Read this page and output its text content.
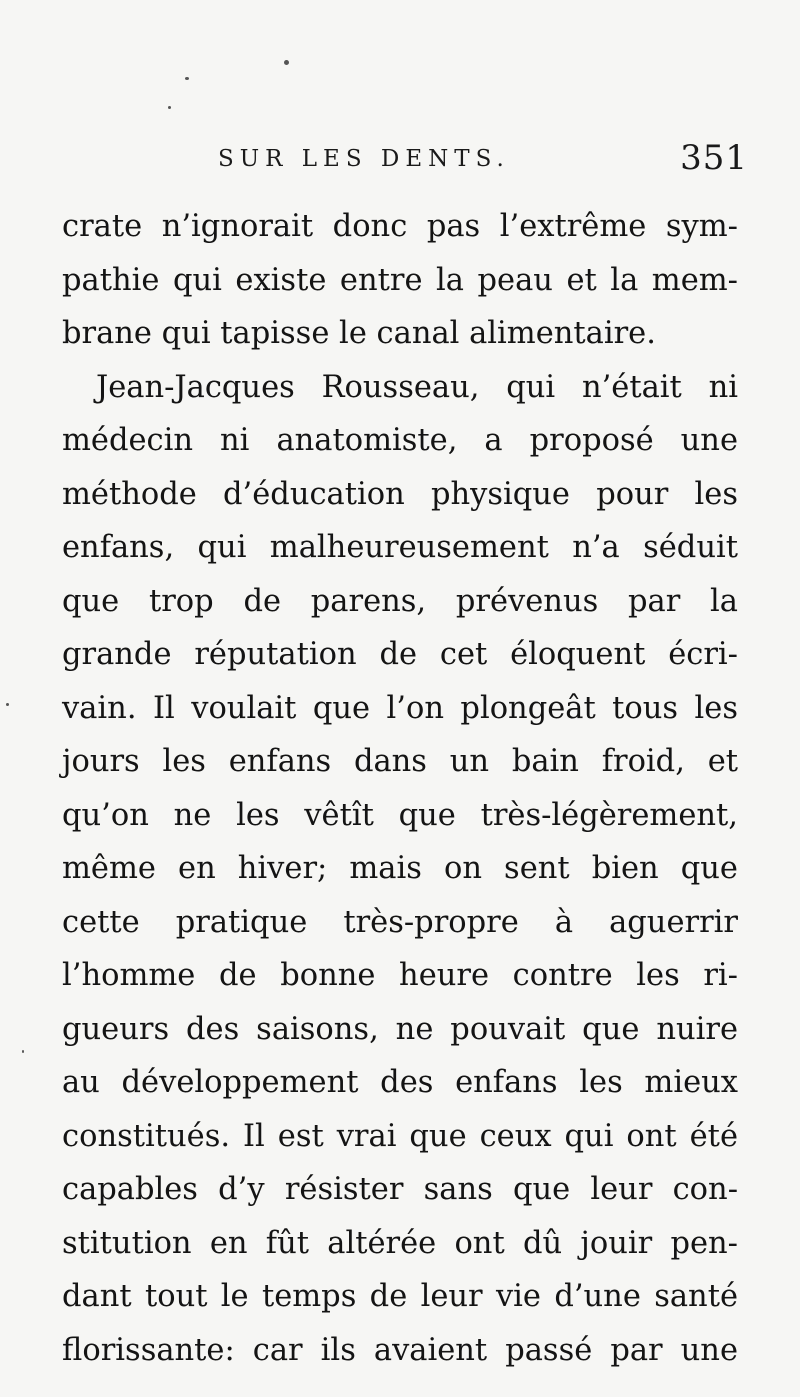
SUR LES DENTS.	351
crate n’ignorait donc pas l’extrême sym-
pathie qui existe entre la peau et la mem-
brane qui tapisse le canal alimentaire.
Jean-Jacques Rousseau, qui n’était ni
médecin ni anatomiste, a proposé une
méthode d’éducation physique pour les
enfans, qui malheureusement n’a séduit
que trop de parens, prévenus par la
grande réputation de cet éloquent écri-
vain. Il voulait que l’on plongeât tous les
jours les enfans dans un bain froid, et
qu’on ne les vêtît que très-légèrement,
même en hiver; mais on sent bien que
cette pratique très-propre à aguerrir
l’homme de bonne heure contre les ri-
gueurs des saisons, ne pouvait que nuire
au développement des enfans les mieux
constitués. Il est vrai que ceux qui ont été
capables d’y résister sans que leur con-
stitution en fût altérée ont dû jouir pen-
dant tout le temps de leur vie d’une santé
florissante: car ils avaient passé par une
